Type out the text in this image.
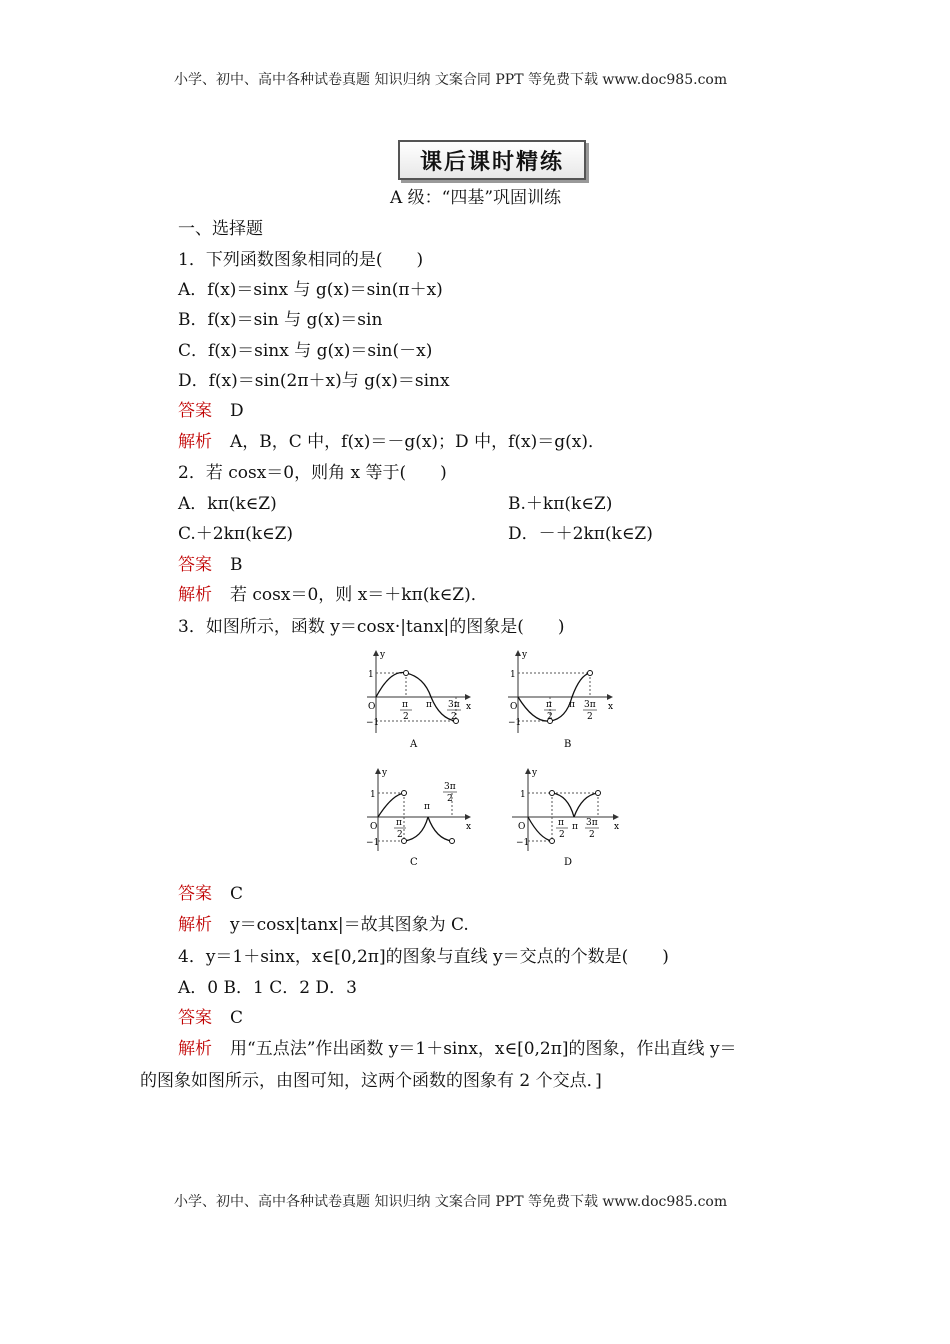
小学、初中、高中各种试卷真题 知识归纳 文案合同 PPT 等免费下载 www.doc985.com
课后课时精练
A 级：“四基”巩固训练
一、选择题
1．下列函数图象相同的是(　　)
A．f(x)＝sinx 与 g(x)＝sin(π＋x)
B．f(x)＝sin 与 g(x)＝sin
C．f(x)＝sinx 与 g(x)＝sin(－x)
D．f(x)＝sin(2π＋x)与 g(x)＝sinx
答案 D
解析 A，B，C 中，f(x)＝－g(x)；D 中，f(x)＝g(x)．
2．若 cosx＝0，则角 x 等于(　　)
A．kπ(k∈Z)	B.＋kπ(k∈Z)
C.＋2kπ(k∈Z)	D．－＋2kπ(k∈Z)
答案 B
解析 若 cosx＝0，则 x＝＋kπ(k∈Z)．
3．如图所示，函数 y＝cosx·|tanx|的图象是(　　)
y
x
1
−1
O	π
2
π 3π
2
A
y
x
1
−1
O	π
2
π 3π
2
B
y
x
1
−1
O π
2
π
3π
2
C
y
x
1
−1
O	π
2
π 3π
2
D
答案 C
解析 y＝cosx|tanx|＝故其图象为 C.
4．y＝1＋sinx，x∈[0,2π]的图象与直线 y＝交点的个数是(　　)
A．0 B．1 C．2 D．3
答案 C
解析 用“五点法”作出函数 y＝1＋sinx，x∈[0,2π]的图象，作出直线 y＝
的图象如图所示，由图可知，这两个函数的图象有 2 个交点．]
小学、初中、高中各种试卷真题 知识归纳 文案合同 PPT 等免费下载 www.doc985.com
